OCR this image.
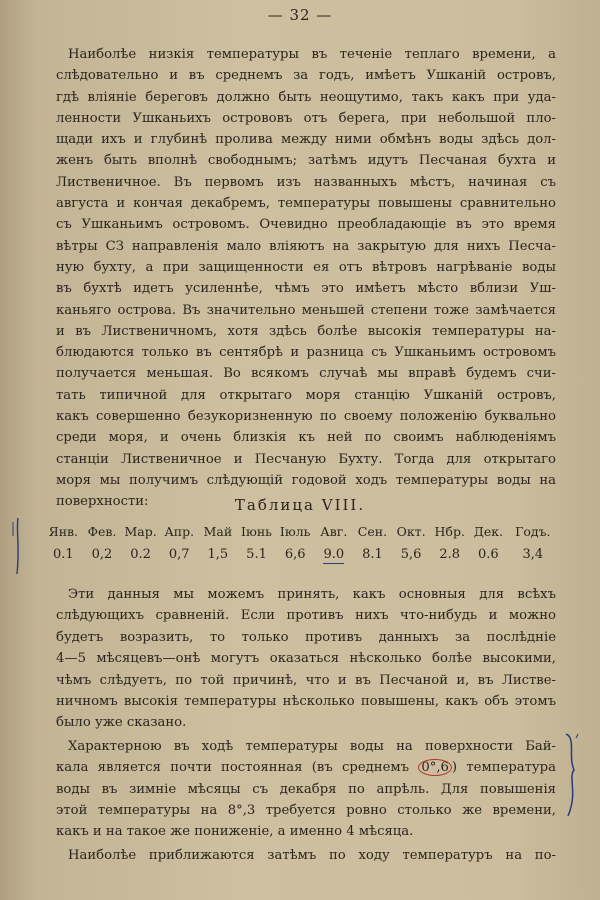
— 32 —
Наиболѣе низкія температуры въ теченіе теплаго времени, а
слѣдовательно и въ среднемъ за годъ, имѣетъ Ушканій островъ,
гдѣ вліяніе береговъ должно быть неощутимо, такъ какъ при уда-
ленности Ушканьихъ острововъ отъ берега, при небольшой пло-
щади ихъ и глубинѣ пролива между ними обмѣнъ воды здѣсь дол-
женъ быть вполнѣ свободнымъ; затѣмъ идутъ Песчаная бухта и
Лиственичное. Въ первомъ изъ названныхъ мѣстъ, начиная съ
августа и кончая декабремъ, температуры повышены сравнительно
съ Ушканьимъ островомъ. Очевидно преобладающіе въ это время
вѣтры СЗ направленія мало вліяютъ на закрытую для нихъ Песча-
ную бухту, а при защищенности ея отъ вѣтровъ нагрѣваніе воды
въ бухтѣ идетъ усиленнѣе, чѣмъ это имѣетъ мѣсто вблизи Уш-
каньяго острова. Въ значительно меньшей степени тоже замѣчается
и въ Лиственичномъ, хотя здѣсь болѣе высокія температуры на-
блюдаются только въ сентябрѣ и разница съ Ушканьимъ островомъ
получается меньшая. Во всякомъ случаѣ мы вправѣ будемъ счи-
тать типичной для открытаго моря станцію Ушканій островъ,
какъ совершенно безукоризненную по своему положенію буквально
среди моря, и очень близкія къ ней по своимъ наблюденіямъ
станціи Лиственичное и Песчаную Бухту. Тогда для открытаго
моря мы получимъ слѣдующій годовой ходъ температуры воды на
поверхности:	Таблица VIII.
Янв. Фев. Мар. Апр. Май Іюнь Іюль Авг. Сен. Окт. Нбр. Дек. Годъ.
0.1	0,2	0.2	0,7	1,5	5.1	6,6	9.0	8.1	5,6	2.8	0.6	3,4
Эти данныя мы можемъ принять, какъ основныя для всѣхъ
слѣдующихъ сравненій. Если противъ нихъ что-нибудь и можно
будетъ возразить, то только противъ данныхъ за послѣдніе
4—5 мѣсяцевъ—онѣ могутъ оказаться нѣсколько болѣе высокими,
чѣмъ слѣдуетъ, по той причинѣ, что и въ Песчаной и, въ Листве-
ничномъ высокія температуры нѣсколько повышены, какъ объ этомъ
было уже сказано.
Характерною въ ходѣ температуры воды на поверхности Бай-
кала является почти постоянная (въ среднемъ 0°,6 ) температура
воды въ зимніе мѣсяцы съ декабря по апрѣль. Для повышенія
этой температуры на 8°,3 требуется ровно столько же времени,
какъ и на такое же пониженіе, а именно 4 мѣсяца.
Наиболѣе приближаются затѣмъ по ходу температуръ на по-
